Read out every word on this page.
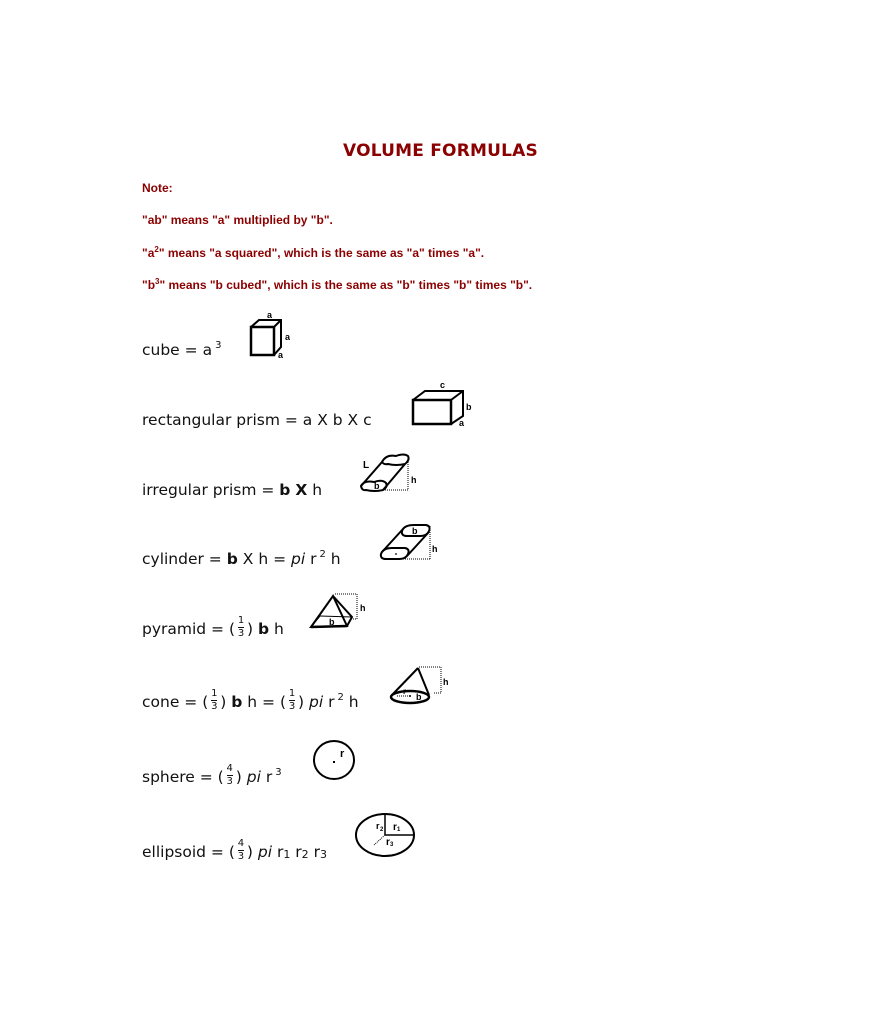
VOLUME FORMULAS
Note:
"ab" means "a" multiplied by "b".
"$a^2$" means "a squared", which is the same as "a" times "a".
"$b^3$" means "b cubed", which is the same as "b" times "b" times "b".
cube = a $^3$
a
a
a
rectangular prism = a X b X c
c
b
a
irregular prism = b X h
L
b
h
cylinder = b X h = pi r $^2$ h
b
h
pyramid = ( $\frac{1}{3}$ ) b h	b
h
cone = ( $\frac{1}{3}$ ) b h = ( $\frac{1}{3}$ ) pi r $^2$ h
r
b
h
sphere = ( $\frac{4}{3}$ ) pi r $^3$
r
ellipsoid = ( $\frac{4}{3}$ ) pi $r_1$ $r_2$ $r_3$
r 2 r 1
r 3
